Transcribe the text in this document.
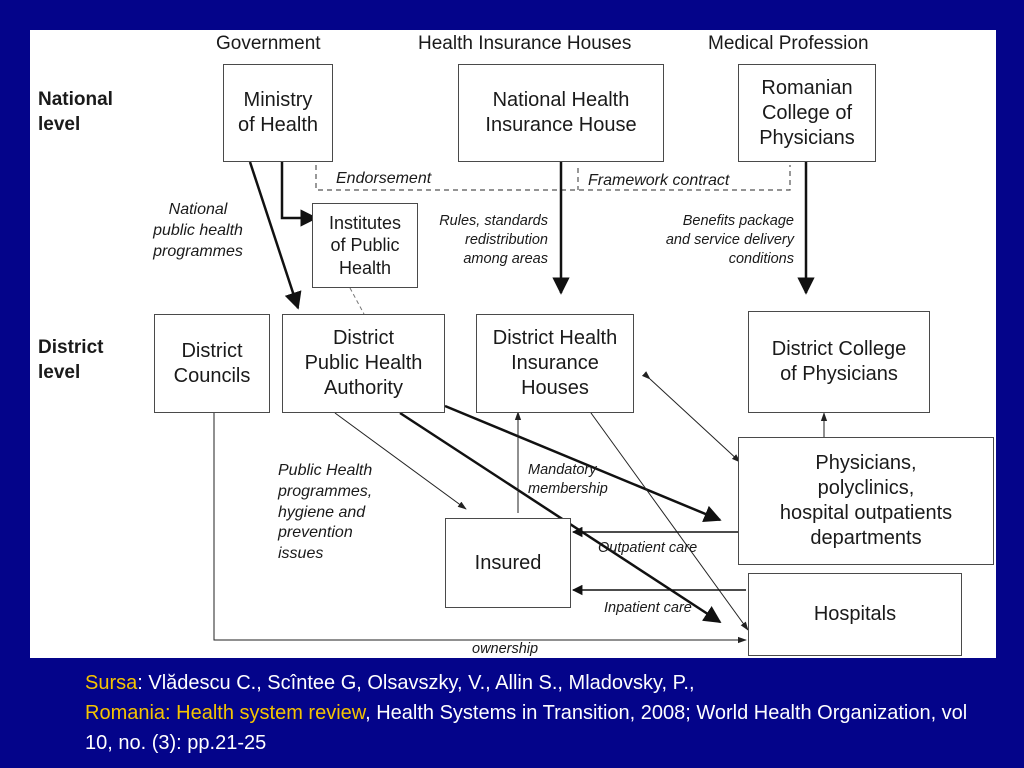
Government	Health Insurance Houses	Medical Profession
National
level
District
level
Ministry
of Health
National Health
Insurance House
Romanian
College of
Physicians
Institutes
of Public
Health
District
Councils
District
Public Health
Authority
District Health
Insurance
Houses
District College
of Physicians
Physicians,
polyclinics,
hospital outpatients
departments
Insured
Hospitals
Endorsement	Framework contract
National
public health
programmes
Rules, standards
redistribution
among areas
Benefits package
and service delivery
conditions
Public Health
programmes,
hygiene and
prevention
issues
Mandatory
membership
Outpatient care
Inpatient care
ownership
Sursa: Vlădescu C., Scîntee G, Olsavszky, V., Allin S., Mladovsky, P.,
Romania: Health system review, Health Systems in Transition, 2008; World Health Organization, vol 10, no. (3): pp.21-25
